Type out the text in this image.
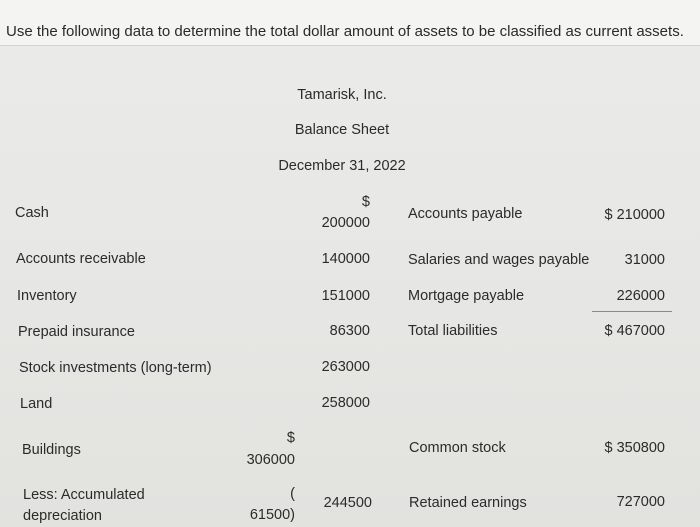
Use the following data to determine the total dollar amount of assets to be classified as current assets.
Tamarisk, Inc.
Balance Sheet
December 31, 2022
Cash
Accounts receivable
Inventory
Prepaid insurance
Stock investments (long-term)
Land
Buildings
Less: Accumulated
depreciation
$
306000
(
61500)
$
200000
140000
151000
86300
263000
258000
244500
Accounts payable
Salaries and wages payable
Mortgage payable
Total liabilities
Common stock
Retained earnings
$ 210000
31000
226000
$ 467000
$ 350800
727000
